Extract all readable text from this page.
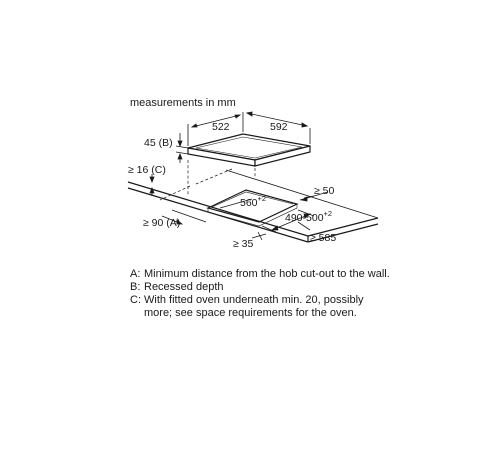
measurements in mm
522	592
45 (B)
$560^{+2}$
$490-500^{+2}$
≥ 50
≥ 16 (C)
≥ 90 (A)
≥ 585
≥ 35
A: Minimum distance from the hob cut-out to the wall.
B: Recessed depth
C: With fitted oven underneath min. 20, possibly more; see space requirements for the oven.
